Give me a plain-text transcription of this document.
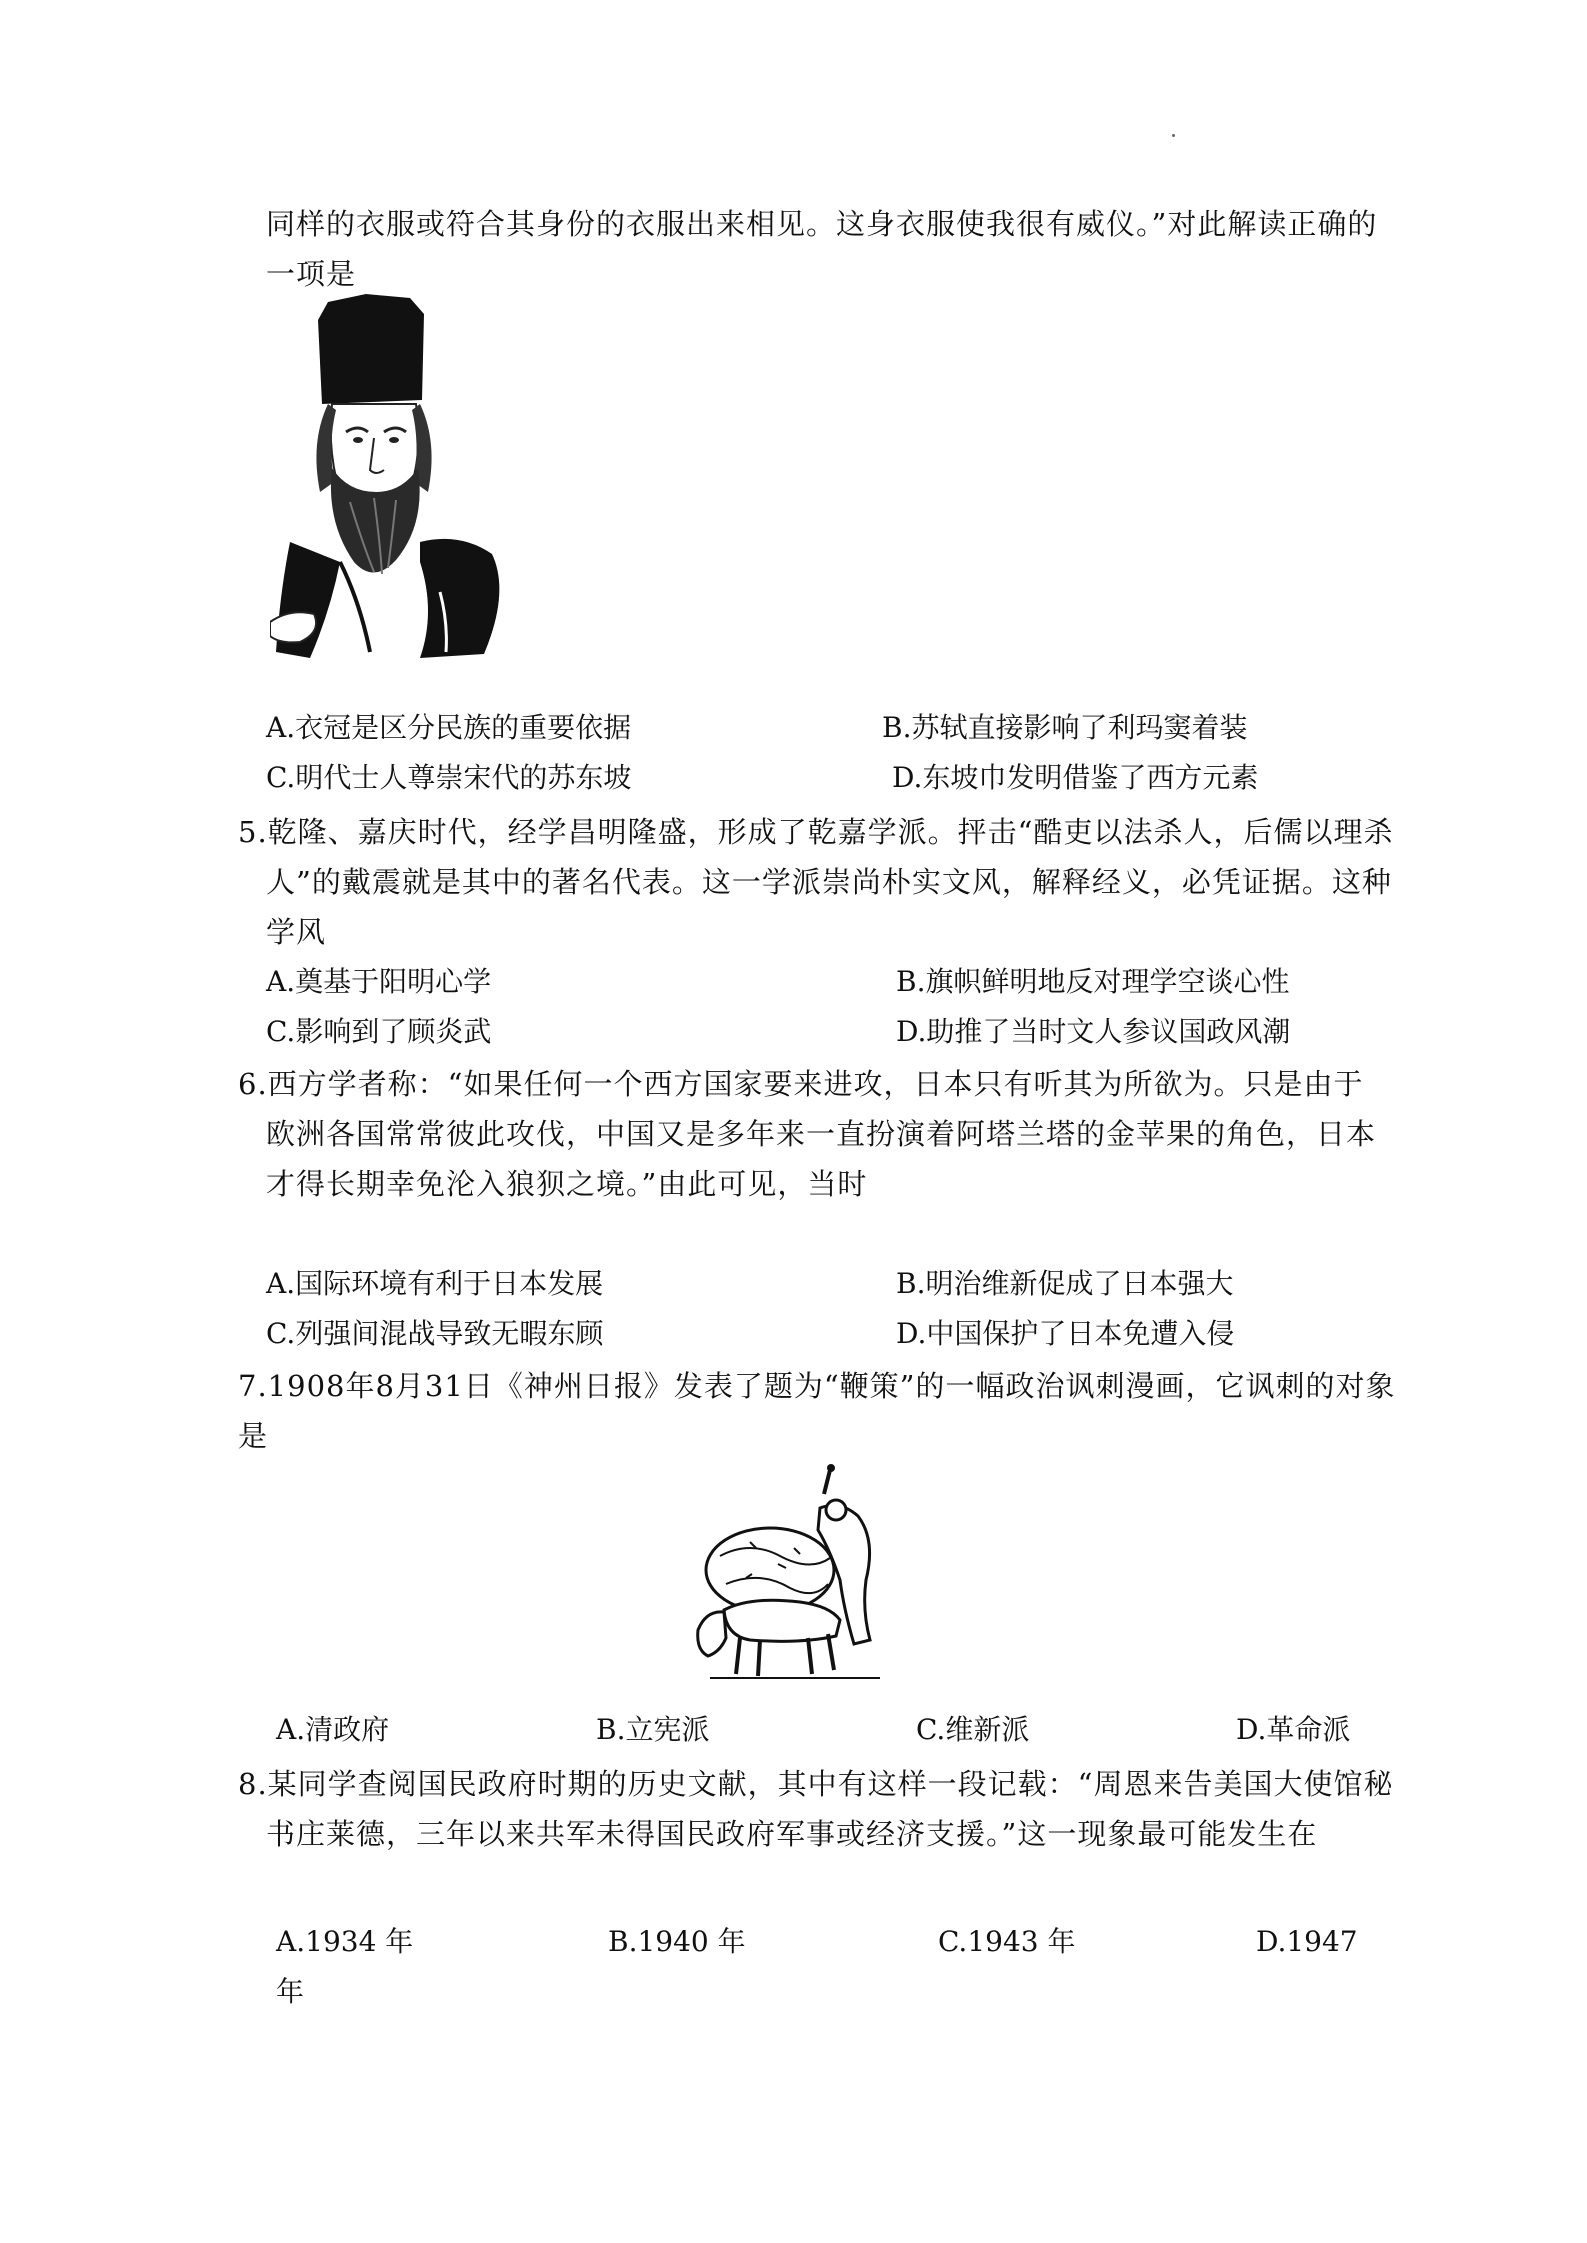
同样的衣服或符合其身份的衣服出来相见。这身衣服使我很有威仪。”对此解读正确的
一项是
A.衣冠是区分民族的重要依据	B.苏轼直接影响了利玛窦着装
C.明代士人尊崇宋代的苏东坡	D.东坡巾发明借鉴了西方元素
5.乾隆、嘉庆时代，经学昌明隆盛，形成了乾嘉学派。抨击“酷吏以法杀人，后儒以理杀
人”的戴震就是其中的著名代表。这一学派崇尚朴实文风，解释经义，必凭证据。这种
学风
A.奠基于阳明心学	B.旗帜鲜明地反对理学空谈心性
C.影响到了顾炎武	D.助推了当时文人参议国政风潮
6.西方学者称：“如果任何一个西方国家要来进攻，日本只有听其为所欲为。只是由于
欧洲各国常常彼此攻伐，中国又是多年来一直扮演着阿塔兰塔的金苹果的角色，日本
才得长期幸免沦入狼狈之境。”由此可见，当时
A.国际环境有利于日本发展	B.明治维新促成了日本强大
C.列强间混战导致无暇东顾	D.中国保护了日本免遭入侵
7.1908年8月31日《神州日报》发表了题为“鞭策”的一幅政治讽刺漫画，它讽刺的对象
是
A.清政府	B.立宪派	C.维新派	D.革命派
8.某同学查阅国民政府时期的历史文献，其中有这样一段记载：“周恩来告美国大使馆秘
书庄莱德，三年以来共军未得国民政府军事或经济支援。”这一现象最可能发生在
A.1934 年	B.1940 年	C.1943 年	D.1947
年
